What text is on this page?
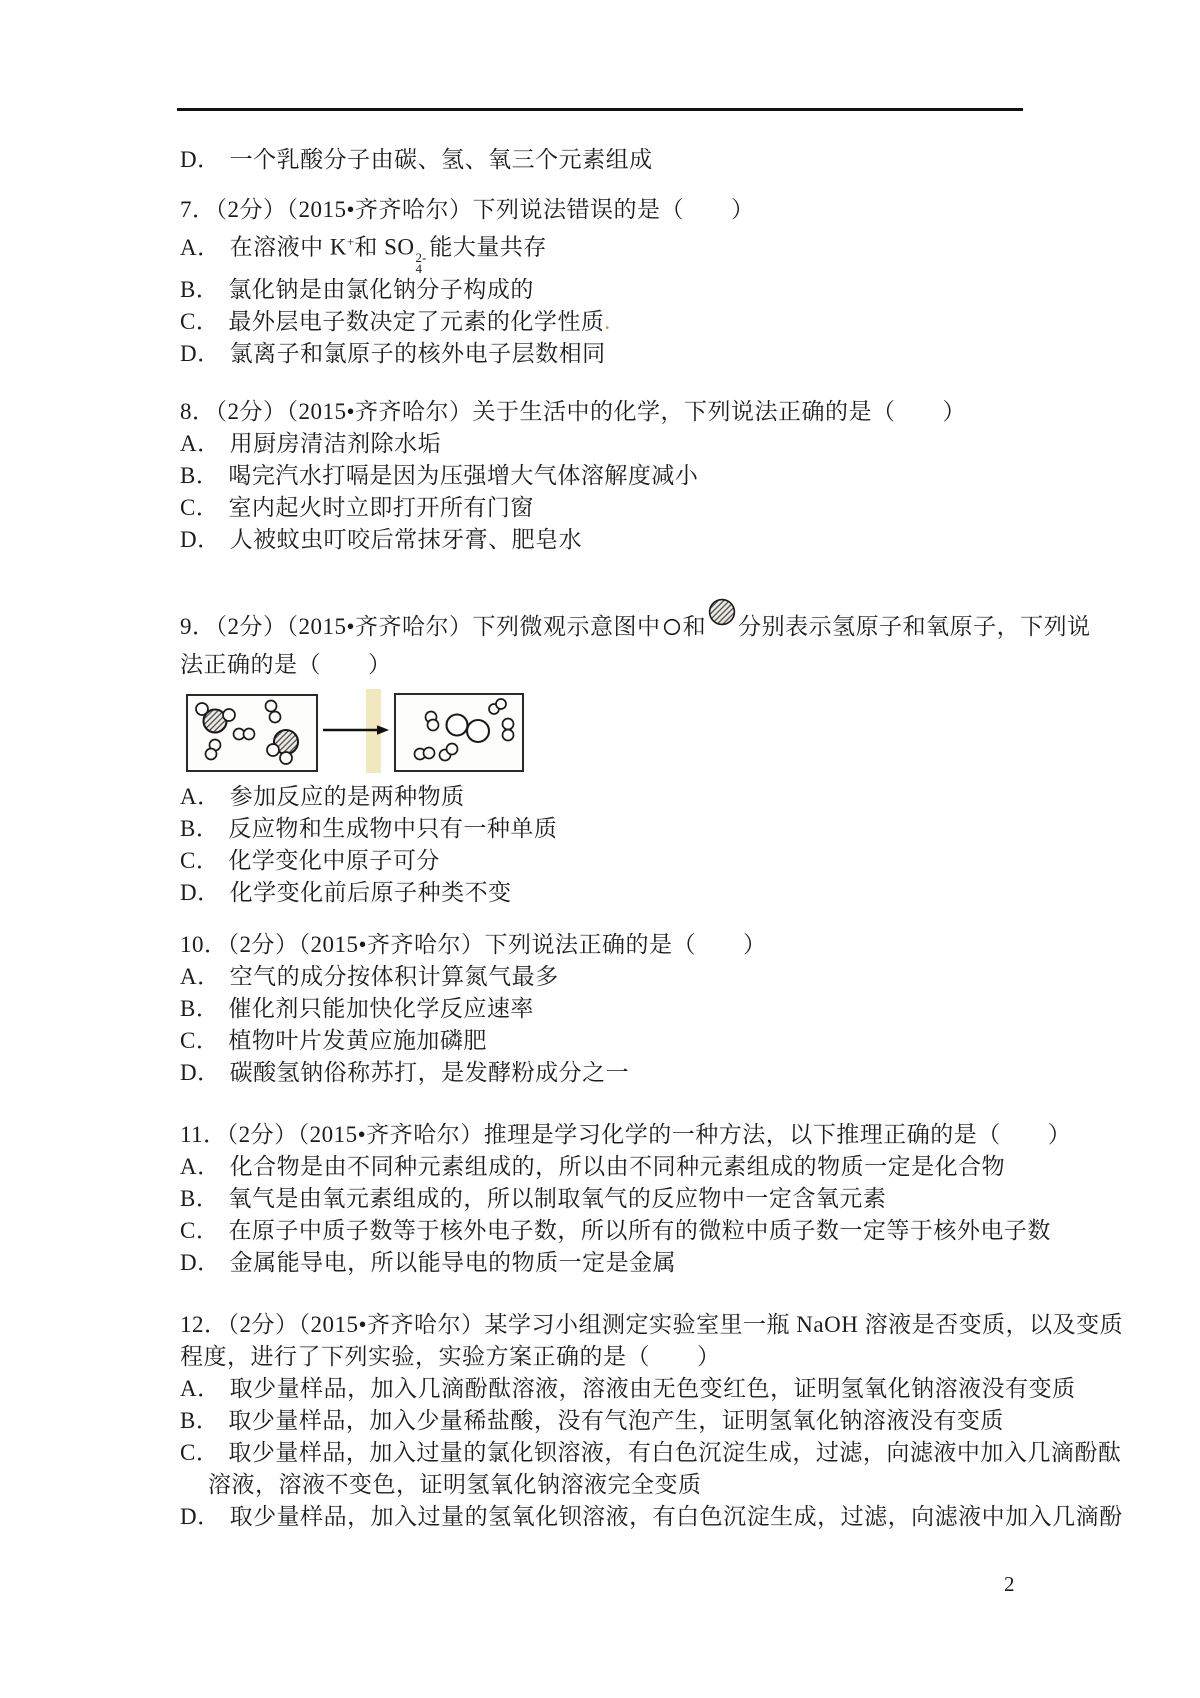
D． 一个乳酸分子由碳、氢、氧三个元素组成

7．（2分）（2015•齐齐哈尔）下列说法错误的是（　　）

A． 在溶液中 K+和 SO 2-
4
能大量共存

B． 氯化钠是由氯化钠分子构成的

C． 最外层电子数决定了元素的化学性质.

D． 氯离子和氯原子的核外电子层数相同

8．（2分）（2015•齐齐哈尔）关于生活中的化学，下列说法正确的是（　　）

A． 用厨房清洁剂除水垢

B． 喝完汽水打嗝是因为压强增大气体溶解度减小

C． 室内起火时立即打开所有门窗

D． 人被蚊虫叮咬后常抹牙膏、肥皂水

9．（2分）（2015•齐齐哈尔）下列微观示意图中 和 分别表示氢原子和氧原子，下列说

法正确的是（　　）

A． 参加反应的是两种物质

B． 反应物和生成物中只有一种单质

C． 化学变化中原子可分

D． 化学变化前后原子种类不变

10．（2分）（2015•齐齐哈尔）下列说法正确的是（　　）

A． 空气的成分按体积计算氮气最多

B． 催化剂只能加快化学反应速率

C． 植物叶片发黄应施加磷肥

D． 碳酸氢钠俗称苏打，是发酵粉成分之一

11．（2分）（2015•齐齐哈尔）推理是学习化学的一种方法，以下推理正确的是（　　）

A． 化合物是由不同种元素组成的，所以由不同种元素组成的物质一定是化合物

B． 氧气是由氧元素组成的，所以制取氧气的反应物中一定含氧元素

C． 在原子中质子数等于核外电子数，所以所有的微粒中质子数一定等于核外电子数

D． 金属能导电，所以能导电的物质一定是金属

12．（2分）（2015•齐齐哈尔）某学习小组测定实验室里一瓶 NaOH 溶液是否变质，以及变质

程度，进行了下列实验，实验方案正确的是（　　）

A． 取少量样品，加入几滴酚酞溶液，溶液由无色变红色，证明氢氧化钠溶液没有变质

B． 取少量样品，加入少量稀盐酸，没有气泡产生，证明氢氧化钠溶液没有变质

C． 取少量样品，加入过量的氯化钡溶液，有白色沉淀生成，过滤，向滤液中加入几滴酚酞

溶液，溶液不变色，证明氢氧化钠溶液完全变质

D． 取少量样品，加入过量的氢氧化钡溶液，有白色沉淀生成，过滤，向滤液中加入几滴酚

2
